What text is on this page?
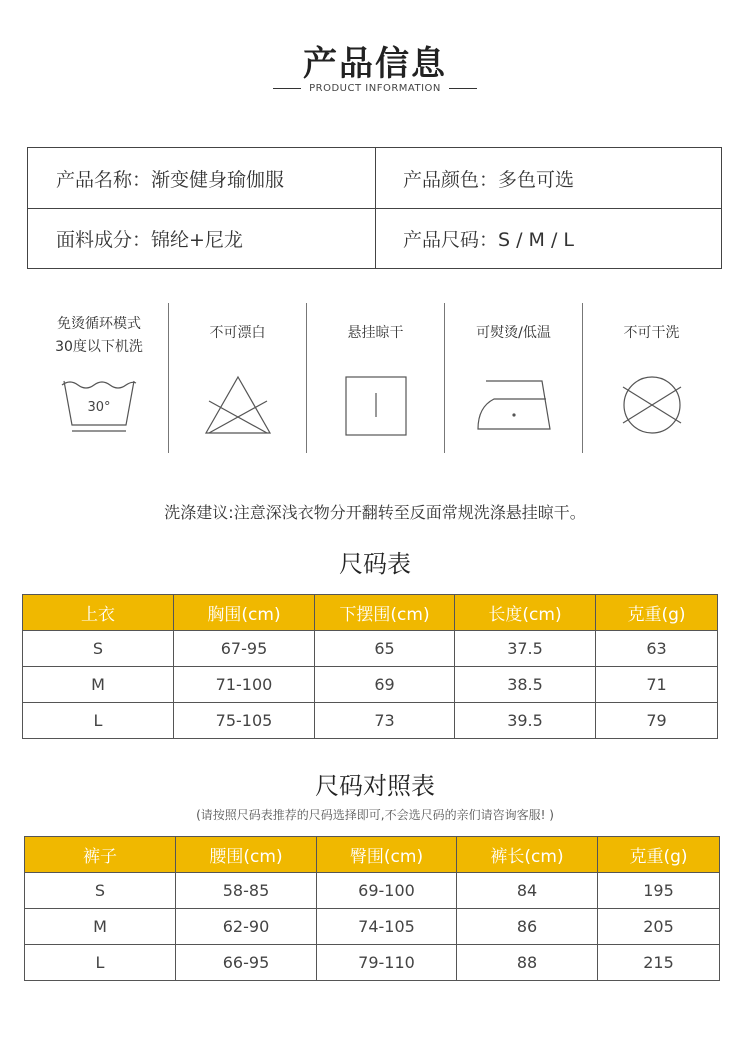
产品信息
PRODUCT INFORMATION
产品名称：渐变健身瑜伽服	产品颜色：多色可选
面料成分：锦纶+尼龙	产品尺码：S / M / L
免烫循环模式
30度以下机洗
30°
不可漂白	悬挂晾干	可熨烫/低温	不可干洗
洗涤建议:注意深浅衣物分开翻转至反面常规洗涤悬挂晾干。
尺码表
上衣	胸围(cm)	下摆围(cm)	长度(cm)	克重(g)
S	67-95	65	37.5	63
M	71-100	69	38.5	71
L	75-105	73	39.5	79
尺码对照表
(请按照尺码表推荐的尺码选择即可,不会选尺码的亲们请咨询客服! )
裤子	腰围(cm)	臀围(cm)	裤长(cm)	克重(g)
S	58-85	69-100	84	195
M	62-90	74-105	86	205
L	66-95	79-110	88	215
